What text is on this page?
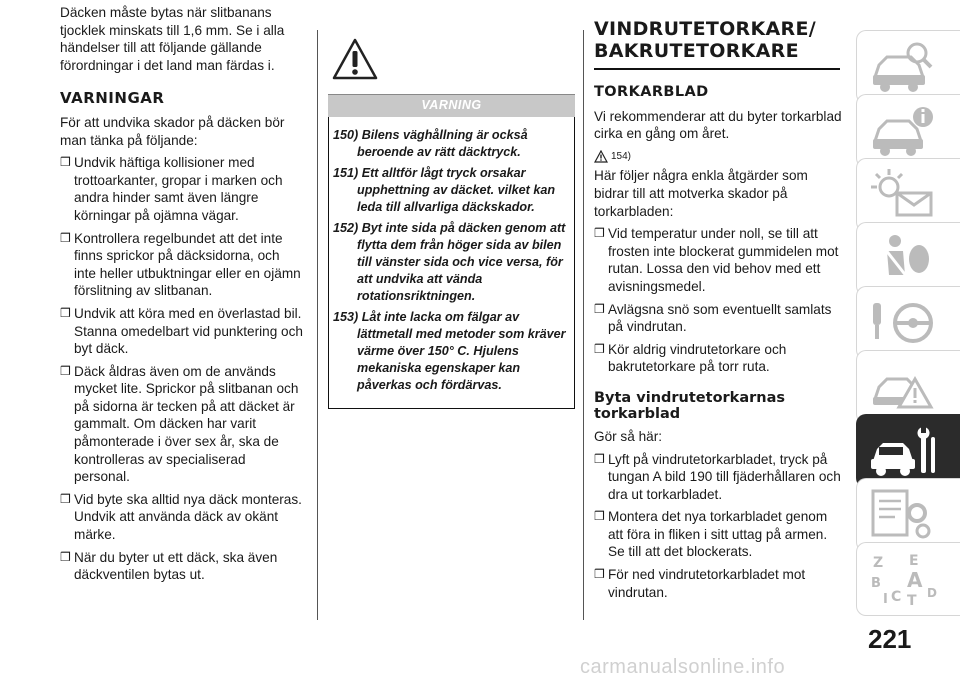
Däcken måste bytas när slitbanans tjocklek minskats till 1,6 mm. Se i alla händelser till att följande gällande förordningar i det land man färdas i.

VARNINGAR

För att undvika skador på däcken bör man tänka på följande:

❒ Undvik häftiga kollisioner med trottoarkanter, gropar i marken och andra hinder samt även längre körningar på ojämna vägar.
❒ Kontrollera regelbundet att det inte finns sprickor på däcksidorna, och inte heller utbuktningar eller en ojämn förslitning av slitbanan.
❒ Undvik att köra med en överlastad bil. Stanna omedelbart vid punktering och byt däck.
❒ Däck åldras även om de används mycket lite. Sprickor på slitbanan och på sidorna är tecken på att däcket är gammalt. Om däcken har varit påmonterade i över sex år, ska de kontrolleras av specialiserad personal.
❒ Vid byte ska alltid nya däck monteras. Undvik att använda däck av okänt märke.
❒ När du byter ut ett däck, ska även däckventilen bytas ut.
VARNING
150) Bilens väghållning är också beroende av rätt däcktryck.
151) Ett alltför lågt tryck orsakar upphettning av däcket. vilket kan leda till allvarliga däckskador.
152) Byt inte sida på däcken genom att flytta dem från höger sida av bilen till vänster sida och vice versa, för att undvika att vända rotationsriktningen.
153) Låt inte lacka om fälgar av lättmetall med metoder som kräver värme över 150° C. Hjulens mekaniska egenskaper kan påverkas och fördärvas.
VINDRUTETORKARE/
BAKRUTETORKARE
TORKARBLAD

Vi rekommenderar att du byter torkarblad cirka en gång om året.

154)

Här följer några enkla åtgärder som bidrar till att motverka skador på torkarbladen:

❒ Vid temperatur under noll, se till att frosten inte blockerat gummidelen mot rutan. Lossa den vid behov med ett avisningsmedel.
❒ Avlägsna snö som eventuellt samlats på vindrutan.
❒ Kör aldrig vindrutetorkare och bakrutetorkare på torr ruta.
Byta vindrutetorkarnas
torkarblad

Gör så här:

❒ Lyft på vindrutetorkarbladet, tryck på tungan A bild 190 till fjäderhållaren och dra ut torkarbladet.
❒ Montera det nya torkarbladet genom att föra in fliken i sitt uttag på armen. Se till att det blockerats.
❒ För ned vindrutetorkarbladet mot vindrutan.
Z E
B A
I C T D
221
carmanualsonline.info
